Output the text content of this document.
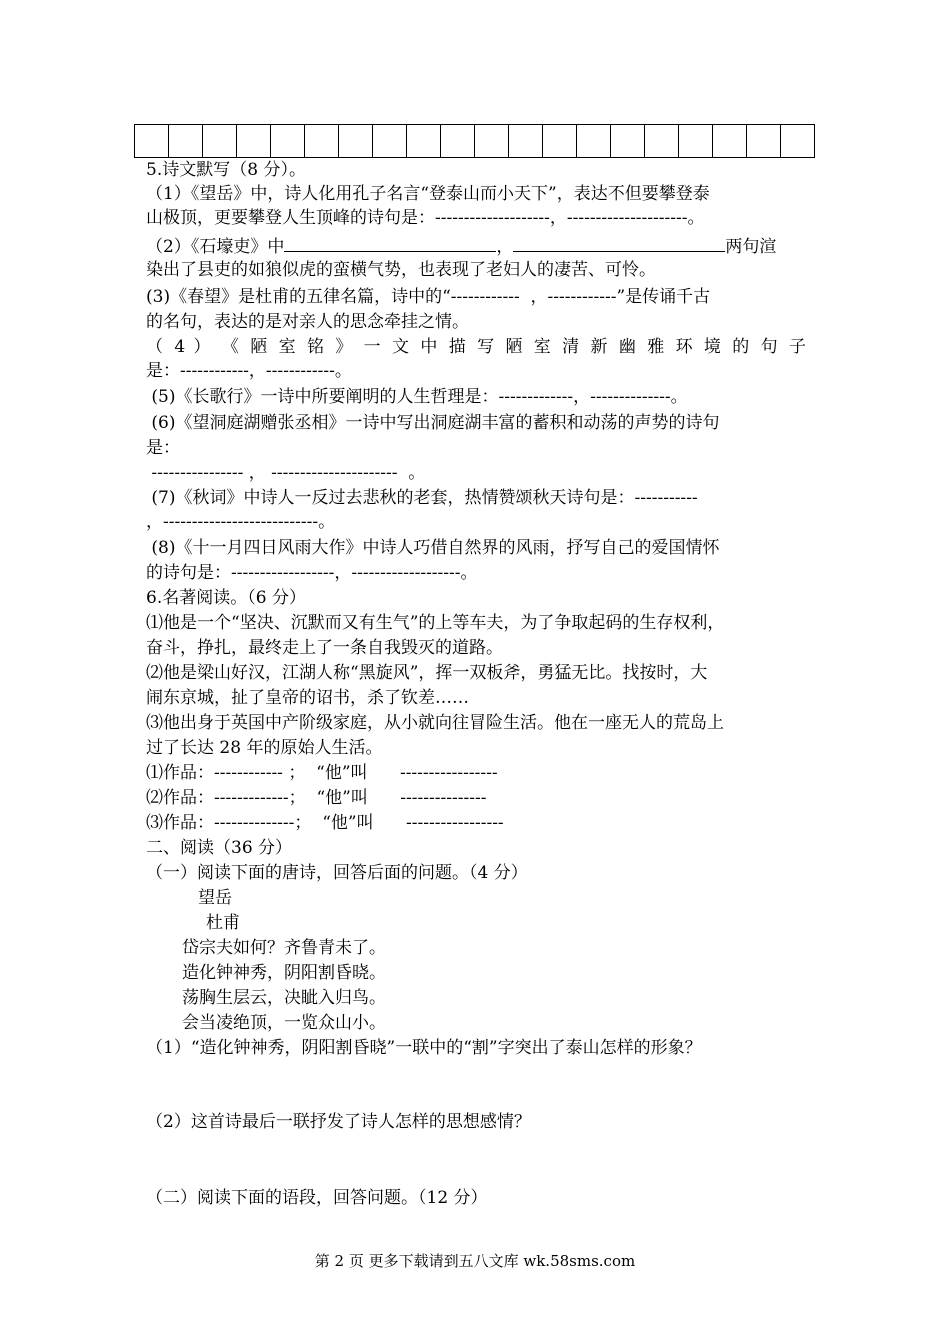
5.诗文默写（8 分）。
（1）《望岳》中，诗人化用孔子名言“登泰山而小天下”，表达不但要攀登泰
山极顶，更要攀登人生顶峰的诗句是：--------------------，---------------------。
（2）《石壕吏》中	，	两句渲
染出了县吏的如狼似虎的蛮横气势，也表现了老妇人的凄苦、可怜。
(3)《春望》是杜甫的五律名篇，诗中的“------------  ，------------”是传诵千古
的名句，表达的是对亲人的思念牵挂之情。
（ 4 ） 《 陋 室 铭 》 一 文 中 描 写 陋 室 清 新 幽 雅 环 境 的 句 子
是：------------，------------。
(5)《长歌行》一诗中所要阐明的人生哲理是：-------------，--------------。
(6)《望洞庭湖赠张丞相》一诗中写出洞庭湖丰富的蓄积和动荡的声势的诗句
是：
---------------- ， ----------------------  。
(7)《秋词》中诗人一反过去悲秋的老套，热情赞颂秋天诗句是：-----------
，---------------------------。
(8)《十一月四日风雨大作》中诗人巧借自然界的风雨，抒写自己的爱国情怀
的诗句是：------------------，-------------------。
6.名著阅读。（6 分）
⑴他是一个“坚决、沉默而又有生气”的上等车夫，为了争取起码的生存权利，
奋斗，挣扎，最终走上了一条自我毁灭的道路。
⑵他是梁山好汉，江湖人称“黑旋风”，挥一双板斧，勇猛无比。找按时，大
闹东京城，扯了皇帝的诏书，杀了钦差……
⑶他出身于英国中产阶级家庭，从小就向往冒险生活。他在一座无人的荒岛上
过了长达 28 年的原始人生活。
⑴作品：------------ ；  “他”叫      -----------------
⑵作品：-------------；  “他”叫      ---------------
⑶作品：--------------；  “他”叫      -----------------
二、阅读（36 分）
（一）阅读下面的唐诗，回答后面的问题。（4 分）
望岳
杜甫
岱宗夫如何？齐鲁青未了。
造化钟神秀，阴阳割昏晓。
荡胸生层云，决眦入归鸟。
会当凌绝顶，一览众山小。
（1）“造化钟神秀，阴阳割昏晓”一联中的“割”字突出了泰山怎样的形象？
（2）这首诗最后一联抒发了诗人怎样的思想感情？
（二）阅读下面的语段，回答问题。（12 分）
第 2 页 更多下载请到五八文库 wk.58sms.com
